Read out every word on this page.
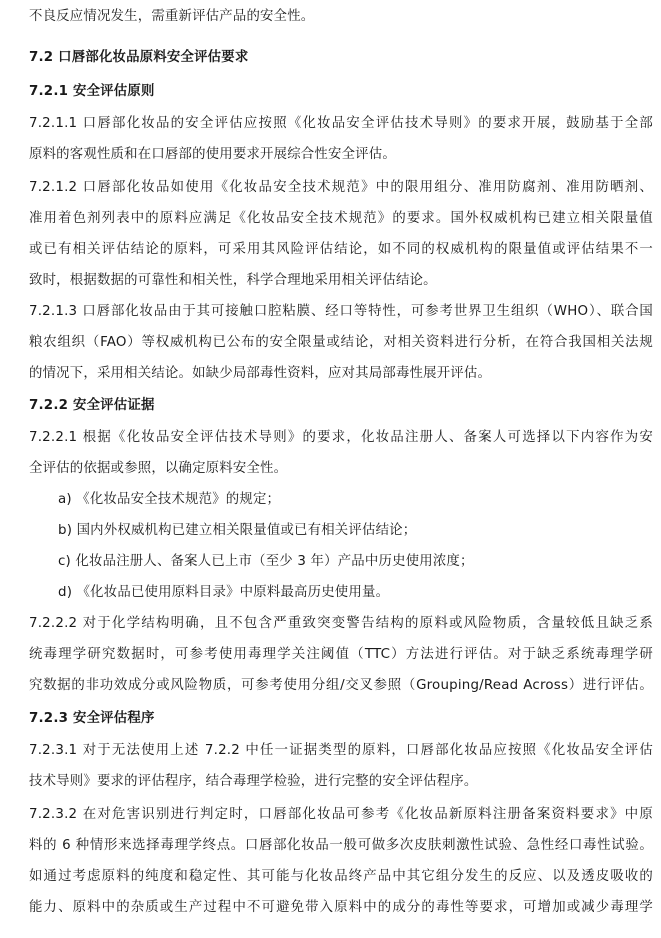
不良反应情况发生，需重新评估产品的安全性。
7.2 口唇部化妆品原料安全评估要求
7.2.1 安全评估原则
7.2.1.1 口唇部化妆品的安全评估应按照《化妆品安全评估技术导则》的要求开展，鼓励基于全部
原料的客观性质和在口唇部的使用要求开展综合性安全评估。
7.2.1.2 口唇部化妆品如使用《化妆品安全技术规范》中的限用组分、准用防腐剂、准用防晒剂、
准用着色剂列表中的原料应满足《化妆品安全技术规范》的要求。国外权威机构已建立相关限量值
或已有相关评估结论的原料，可采用其风险评估结论，如不同的权威机构的限量值或评估结果不一
致时，根据数据的可靠性和相关性，科学合理地采用相关评估结论。
7.2.1.3 口唇部化妆品由于其可接触口腔粘膜、经口等特性，可参考世界卫生组织（WHO）、联合国
粮农组织（FAO）等权威机构已公布的安全限量或结论，对相关资料进行分析，在符合我国相关法规
的情况下，采用相关结论。如缺少局部毒性资料，应对其局部毒性展开评估。
7.2.2 安全评估证据
7.2.2.1 根据《化妆品安全评估技术导则》的要求，化妆品注册人、备案人可选择以下内容作为安
全评估的依据或参照，以确定原料安全性。
a) 《化妆品安全技术规范》的规定；
b) 国内外权威机构已建立相关限量值或已有相关评估结论；
c) 化妆品注册人、备案人已上市（至少 3 年）产品中历史使用浓度；
d) 《化妆品已使用原料目录》中原料最高历史使用量。
7.2.2.2 对于化学结构明确，且不包含严重致突变警告结构的原料或风险物质，含量较低且缺乏系
统毒理学研究数据时，可参考使用毒理学关注阈值（TTC）方法进行评估。对于缺乏系统毒理学研
究数据的非功效成分或风险物质，可参考使用分组/交叉参照（Grouping/Read Across）进行评估。
7.2.3 安全评估程序
7.2.3.1 对于无法使用上述 7.2.2 中任一证据类型的原料，口唇部化妆品应按照《化妆品安全评估
技术导则》要求的评估程序，结合毒理学检验，进行完整的安全评估程序。
7.2.3.2 在对危害识别进行判定时，口唇部化妆品可参考《化妆品新原料注册备案资料要求》中原
料的 6 种情形来选择毒理学终点。口唇部化妆品一般可做多次皮肤刺激性试验、急性经口毒性试验。
如通过考虑原料的纯度和稳定性、其可能与化妆品终产品中其它组分发生的反应、以及透皮吸收的
能力、原料中的杂质或生产过程中不可避免带入原料中的成分的毒性等要求，可增加或减少毒理学
